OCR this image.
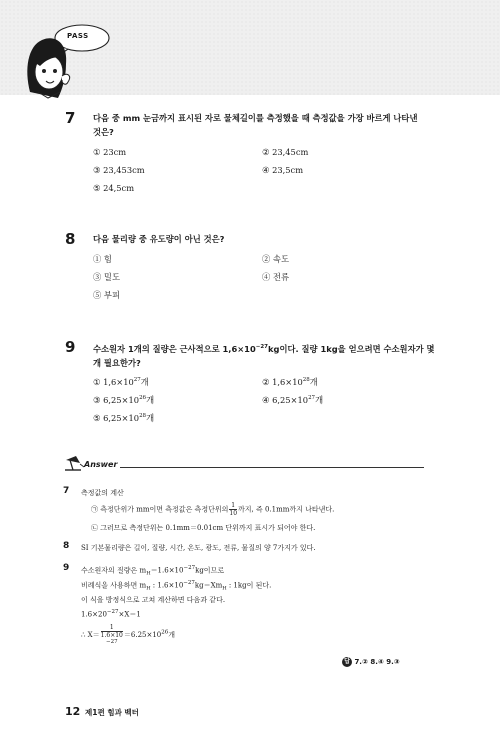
PASS
7 다음 중 mm 눈금까지 표시된 자로 물체길이를 측정했을 때 측정값을 가장 바르게 나타낸
것은?
① 23cm	② 23,45cm
③ 23,453cm	④ 23,5cm
⑤ 24,5cm
8 다음 물리량 중 유도량이 아닌 것은?
① 힘	② 속도
③ 밀도	④ 전류
⑤ 부피
9 수소원자 1개의 질량은 근사적으로 $1,6\times 10^{-27}kg$이다. 질량 1kg을 얻으려면 수소원자가 몇
개 필요한가?
① $1,6\times 10^{27}$개	② $1,6\times 10^{28}$개
③ $6,25\times 10^{26}$개	④ $6,25\times 10^{27}$개
⑤ $6,25\times 10^{28}$개
Answer
7 측정값의 계산
㉠ 측정단위가 mm이면 측정값은 측정단위의 $\frac{1}{10}$ 까지, 즉 0.1mm까지 나타낸다.
㉡ 그러므로 측정단위는 0.1mm＝0.01cm 단위까지 표시가 되어야 한다.
8 SI 기본물리량은 길이, 질량, 시간, 온도, 광도, 전류, 물질의 양 7가지가 있다.
9 수소원자의 질량은 $m_H=1.6\times 10^{-27}kg$이므로
비례식을 사용하면 $m_H$ : $1.6\times 10^{-27}kg=Xm_H$ : 1kg이 된다.
이 식을 방정식으로 고쳐 계산하면 다음과 같다.
$1.6\times 20^{-27}\times X=1$
∴ X＝ 1
1.6×10
$-27 =6.25\times 10^{26}$개
답 7.② 8.④ 9.③
12 제1편 힘과 벡터
